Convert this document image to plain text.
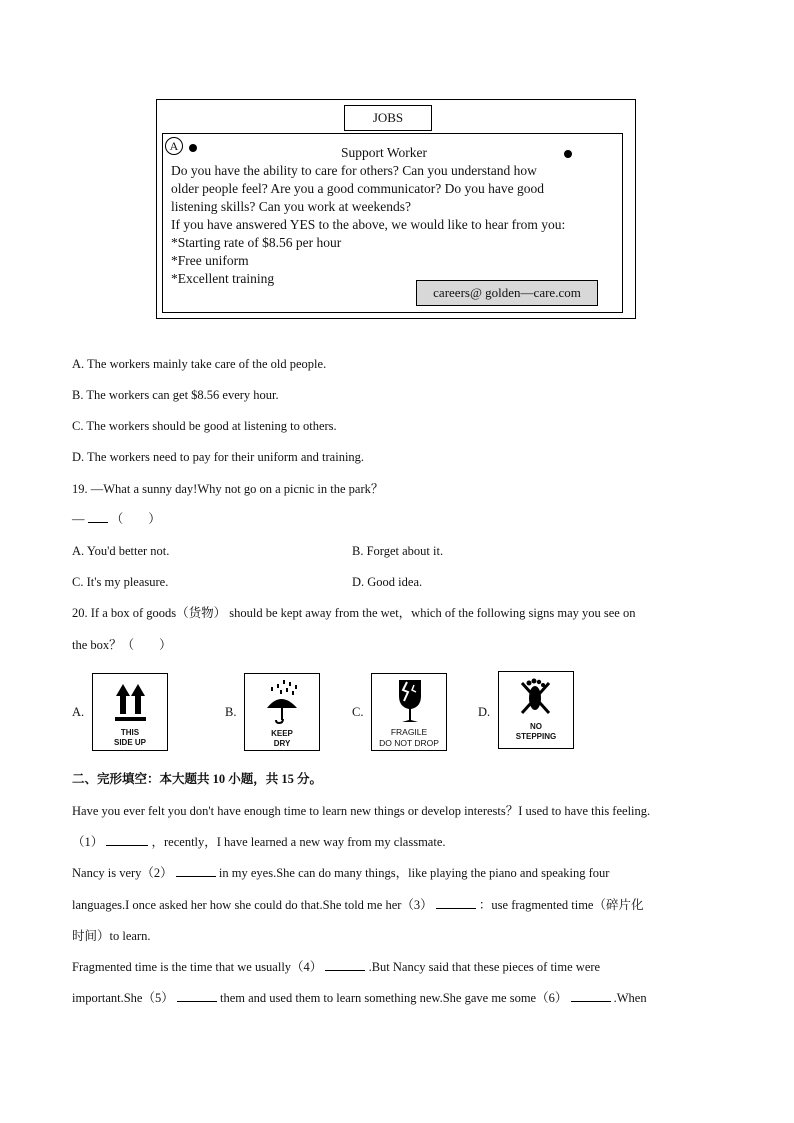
JOBS
A	Support Worker
Do you have the ability to care for others? Can you understand how
older people feel? Are you a good communicator? Do you have good
listening skills? Can you work at weekends?
If you have answered YES to the above, we would like to hear from you:
*Starting rate of $8.56 per hour
*Free uniform
*Excellent training
careers@ golden—care.com
A. The workers mainly take care of the old people.
B. The workers can get $8.56 every hour.
C. The workers should be good at listening to others.
D. The workers need to pay for their uniform and training.
19. —What a sunny day!Why not go on a picnic in the park？
— （　　）
A. You'd better not.	B. Forget about it.
C. It's my pleasure.	D. Good idea.
20. If a box of goods（货物） should be kept away from the wet，which of the following signs may you see on
the box？（　　）
A.	B.	C.	D.
THIS
SIDE UP
KEEP
DRY
FRAGILE
DO NOT DROP
NO
STEPPING
二、完形填空：本大题共 10 小题，共 15 分。
Have you ever felt you don't have enough time to learn new things or develop interests？I used to have this feeling.
（1）	，recently，I have learned a new way from my classmate.
Nancy is very（2）	in my eyes.She can do many things，like playing the piano and speaking four
languages.I once asked her how she could do that.She told me her（3）	：use fragmented time（碎片化
时间）to learn.
Fragmented time is the time that we usually（4）	.But Nancy said that these pieces of time were
important.She（5）	them and used them to learn something new.She gave me some（6）	.When
